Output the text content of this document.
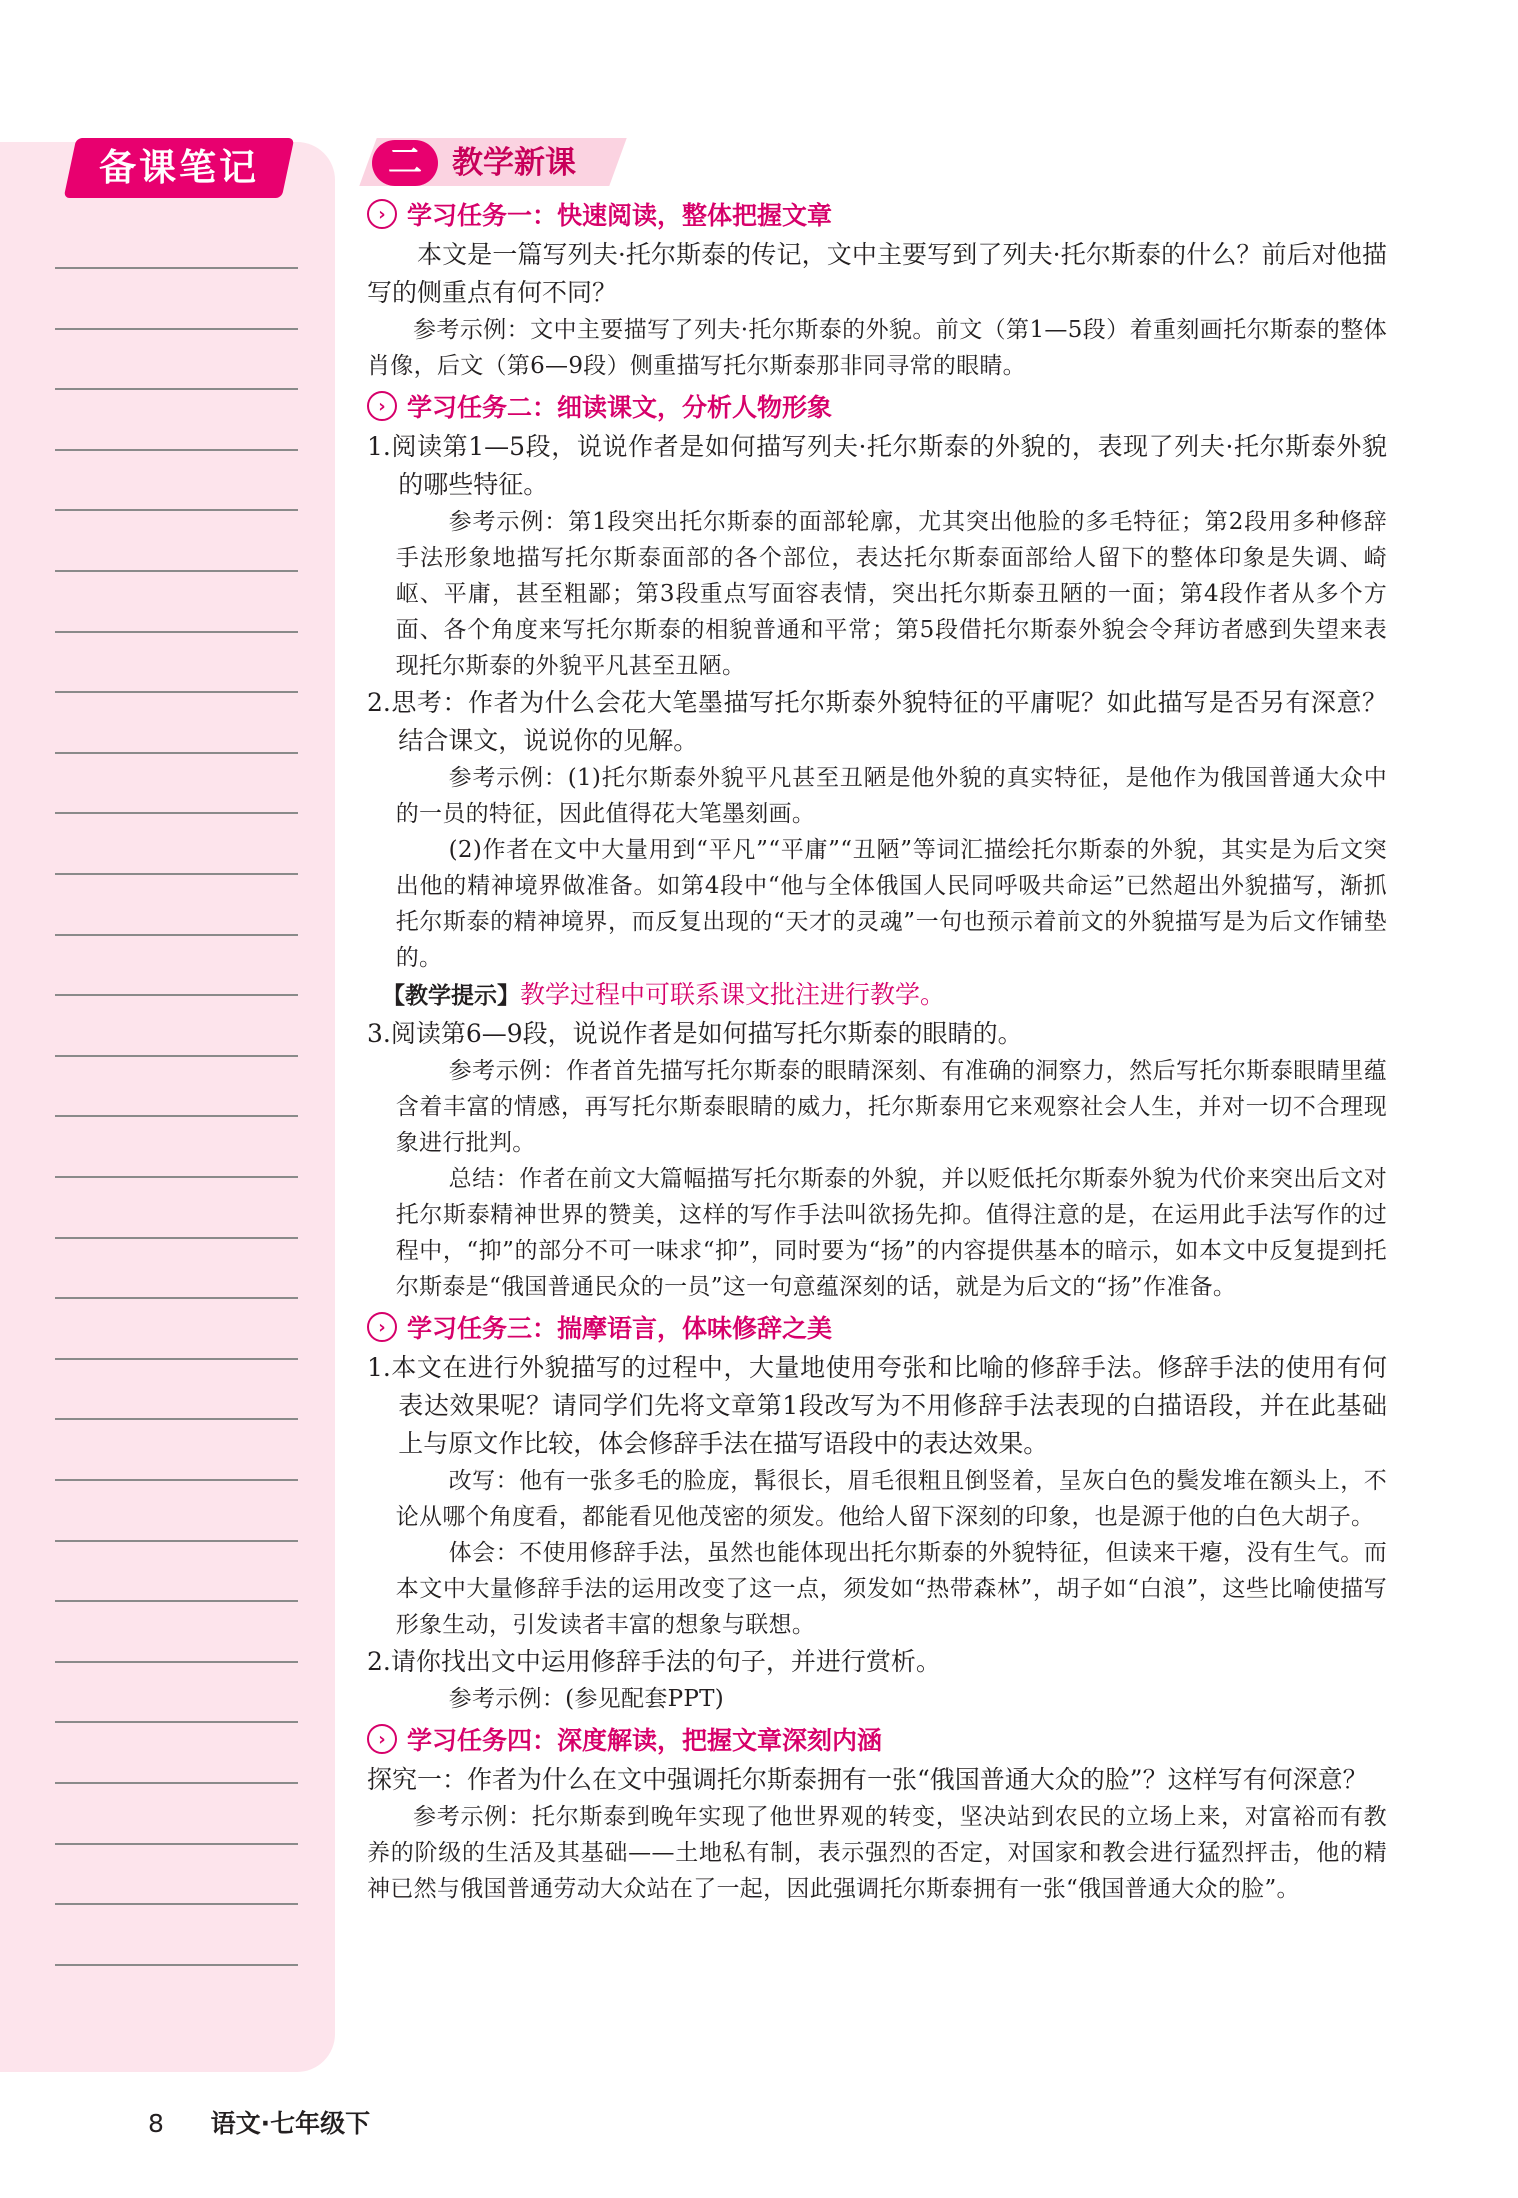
备课笔记	二 教学新课
› 学习任务一：快速阅读，整体把握文章

本文是一篇写列夫·托尔斯泰的传记，文中主要写到了列夫·托尔斯泰的什么？前后对他描写的侧重点有何不同？

参考示例：文中主要描写了列夫·托尔斯泰的外貌。前文（第1—5段）着重刻画托尔斯泰的整体肖像，后文（第6—9段）侧重描写托尔斯泰那非同寻常的眼睛。

› 学习任务二：细读课文，分析人物形象

1.阅读第1—5段，说说作者是如何描写列夫·托尔斯泰的外貌的，表现了列夫·托尔斯泰外貌的哪些特征。

参考示例：第1段突出托尔斯泰的面部轮廓，尤其突出他脸的多毛特征；第2段用多种修辞手法形象地描写托尔斯泰面部的各个部位，表达托尔斯泰面部给人留下的整体印象是失调、崎岖、平庸，甚至粗鄙；第3段重点写面容表情，突出托尔斯泰丑陋的一面；第4段作者从多个方面、各个角度来写托尔斯泰的相貌普通和平常；第5段借托尔斯泰外貌会令拜访者感到失望来表现托尔斯泰的外貌平凡甚至丑陋。

2.思考：作者为什么会花大笔墨描写托尔斯泰外貌特征的平庸呢？如此描写是否另有深意？结合课文，说说你的见解。

参考示例：(1)托尔斯泰外貌平凡甚至丑陋是他外貌的真实特征，是他作为俄国普通大众中的一员的特征，因此值得花大笔墨刻画。

(2)作者在文中大量用到“平凡”“平庸”“丑陋”等词汇描绘托尔斯泰的外貌，其实是为后文突出他的精神境界做准备。如第4段中“他与全体俄国人民同呼吸共命运”已然超出外貌描写，渐抓托尔斯泰的精神境界，而反复出现的“天才的灵魂”一句也预示着前文的外貌描写是为后文作铺垫的。

【教学提示】教学过程中可联系课文批注进行教学。

3.阅读第6—9段，说说作者是如何描写托尔斯泰的眼睛的。

参考示例：作者首先描写托尔斯泰的眼睛深刻、有准确的洞察力，然后写托尔斯泰眼睛里蕴含着丰富的情感，再写托尔斯泰眼睛的威力，托尔斯泰用它来观察社会人生，并对一切不合理现象进行批判。

总结：作者在前文大篇幅描写托尔斯泰的外貌，并以贬低托尔斯泰外貌为代价来突出后文对托尔斯泰精神世界的赞美，这样的写作手法叫欲扬先抑。值得注意的是，在运用此手法写作的过程中，“抑”的部分不可一味求“抑”，同时要为“扬”的内容提供基本的暗示，如本文中反复提到托尔斯泰是“俄国普通民众的一员”这一句意蕴深刻的话，就是为后文的“扬”作准备。

› 学习任务三：揣摩语言，体味修辞之美

1.本文在进行外貌描写的过程中，大量地使用夸张和比喻的修辞手法。修辞手法的使用有何表达效果呢？请同学们先将文章第1段改写为不用修辞手法表现的白描语段，并在此基础上与原文作比较，体会修辞手法在描写语段中的表达效果。

改写：他有一张多毛的脸庞，髯很长，眉毛很粗且倒竖着，呈灰白色的鬓发堆在额头上，不论从哪个角度看，都能看见他茂密的须发。他给人留下深刻的印象，也是源于他的白色大胡子。

体会：不使用修辞手法，虽然也能体现出托尔斯泰的外貌特征，但读来干瘪，没有生气。而本文中大量修辞手法的运用改变了这一点，须发如“热带森林”，胡子如“白浪”，这些比喻使描写形象生动，引发读者丰富的想象与联想。

2.请你找出文中运用修辞手法的句子，并进行赏析。

参考示例：(参见配套PPT)

› 学习任务四：深度解读，把握文章深刻内涵

探究一：作者为什么在文中强调托尔斯泰拥有一张“俄国普通大众的脸”？这样写有何深意？

参考示例：托尔斯泰到晚年实现了他世界观的转变，坚决站到农民的立场上来，对富裕而有教养的阶级的生活及其基础——土地私有制，表示强烈的否定，对国家和教会进行猛烈抨击，他的精神已然与俄国普通劳动大众站在了一起，因此强调托尔斯泰拥有一张“俄国普通大众的脸”。

8 语文·七年级下
